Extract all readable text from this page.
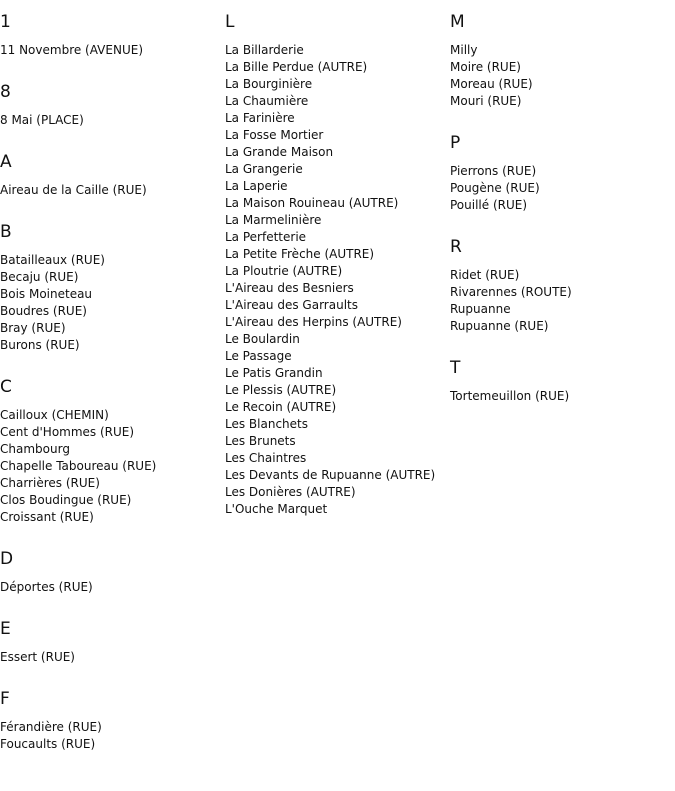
1
11 Novembre (AVENUE)
8
8 Mai (PLACE)
A
Aireau de la Caille (RUE)
B
Batailleaux (RUE)
Becaju (RUE)
Bois Moineteau
Boudres (RUE)
Bray (RUE)
Burons (RUE)
C
Cailloux (CHEMIN)
Cent d'Hommes (RUE)
Chambourg
Chapelle Taboureau (RUE)
Charrières (RUE)
Clos Boudingue (RUE)
Croissant (RUE)
D
Déportes (RUE)
E
Essert (RUE)
F
Férandière (RUE)
Foucaults (RUE)
L
La Billarderie
La Bille Perdue (AUTRE)
La Bourginière
La Chaumière
La Farinière
La Fosse Mortier
La Grande Maison
La Grangerie
La Laperie
La Maison Rouineau (AUTRE)
La Marmelinière
La Perfetterie
La Petite Frèche (AUTRE)
La Ploutrie (AUTRE)
L'Aireau des Besniers
L'Aireau des Garraults
L'Aireau des Herpins (AUTRE)
Le Boulardin
Le Passage
Le Patis Grandin
Le Plessis (AUTRE)
Le Recoin (AUTRE)
Les Blanchets
Les Brunets
Les Chaintres
Les Devants de Rupuanne (AUTRE)
Les Donières (AUTRE)
L'Ouche Marquet
M
Milly
Moire (RUE)
Moreau (RUE)
Mouri (RUE)
P
Pierrons (RUE)
Pougène (RUE)
Pouillé (RUE)
R
Ridet (RUE)
Rivarennes (ROUTE)
Rupuanne
Rupuanne (RUE)
T
Tortemeuillon (RUE)
